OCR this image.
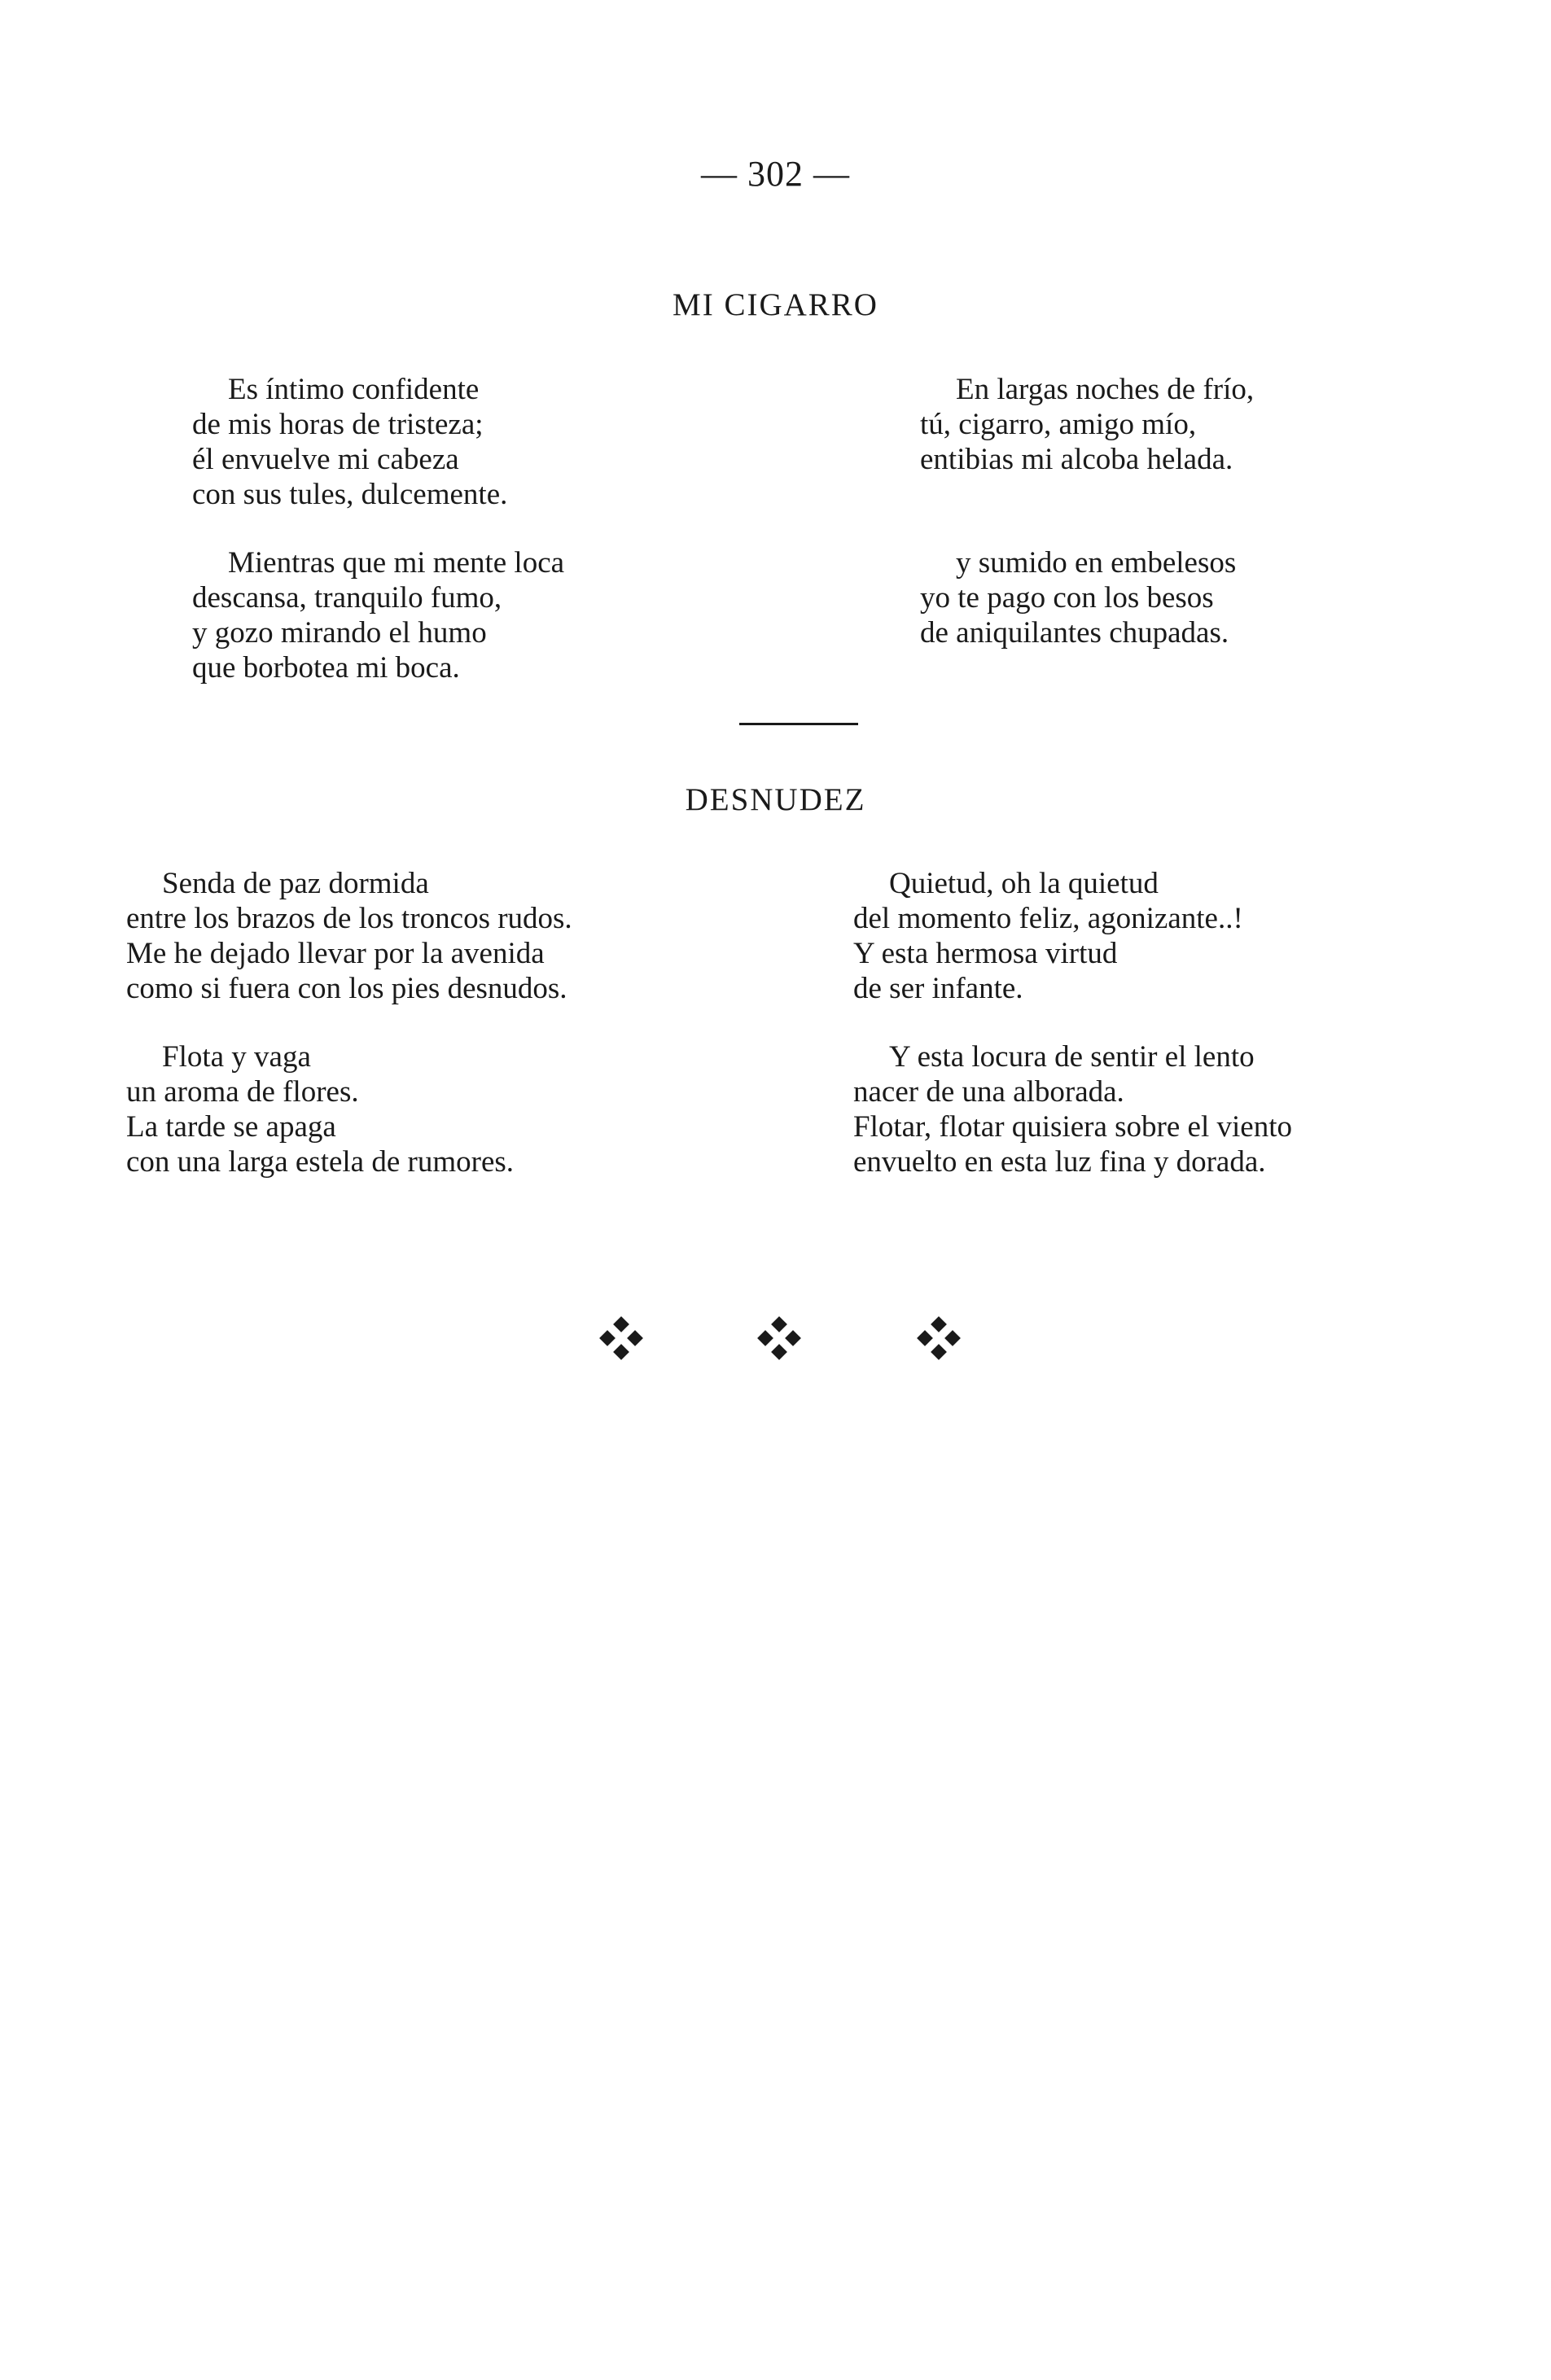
— 302 —
MI CIGARRO
Es íntimo confidente
de mis horas de tristeza;
él envuelve mi cabeza
con sus tules, dulcemente.
Mientras que mi mente loca
descansa, tranquilo fumo,
y gozo mirando el humo
que borbotea mi boca.
En largas noches de frío,
tú, cigarro, amigo mío,
entibias mi alcoba helada.
y sumido en embelesos
yo te pago con los besos
de aniquilantes chupadas.
DESNUDEZ
Senda de paz dormida
entre los brazos de los troncos rudos.
Me he dejado llevar por la avenida
como si fuera con los pies desnudos.
Flota y vaga
un aroma de flores.
La tarde se apaga
con una larga estela de rumores.
Quietud, oh la quietud
del momento feliz, agonizante..!
Y esta hermosa virtud
de ser infante.
Y esta locura de sentir el lento
nacer de una alborada.
Flotar, flotar quisiera sobre el viento
envuelto en esta luz fina y dorada.
